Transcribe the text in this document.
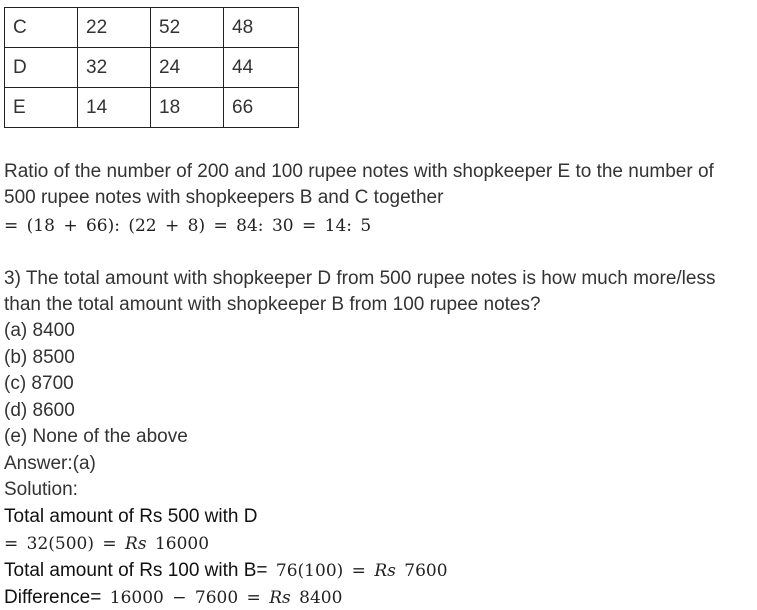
C	22	52	48
D	32	24	44
E	14	18	66
Ratio of the number of 200 and 100 rupee notes with shopkeeper E to the number of
500 rupee notes with shopkeepers B and C together
= (18 + 66): (22 + 8) = 84: 30 = 14: 5
3) The total amount with shopkeeper D from 500 rupee notes is how much more/less
than the total amount with shopkeeper B from 100 rupee notes?
(a) 8400
(b) 8500
(c) 8700
(d) 8600
(e) None of the above
Answer:(a)
Solution:
Total amount of Rs 500 with D
= 32(500) = Rs 16000
Total amount of Rs 100 with B= 76(100) = Rs 7600
Difference= 16000 − 7600 = Rs 8400
